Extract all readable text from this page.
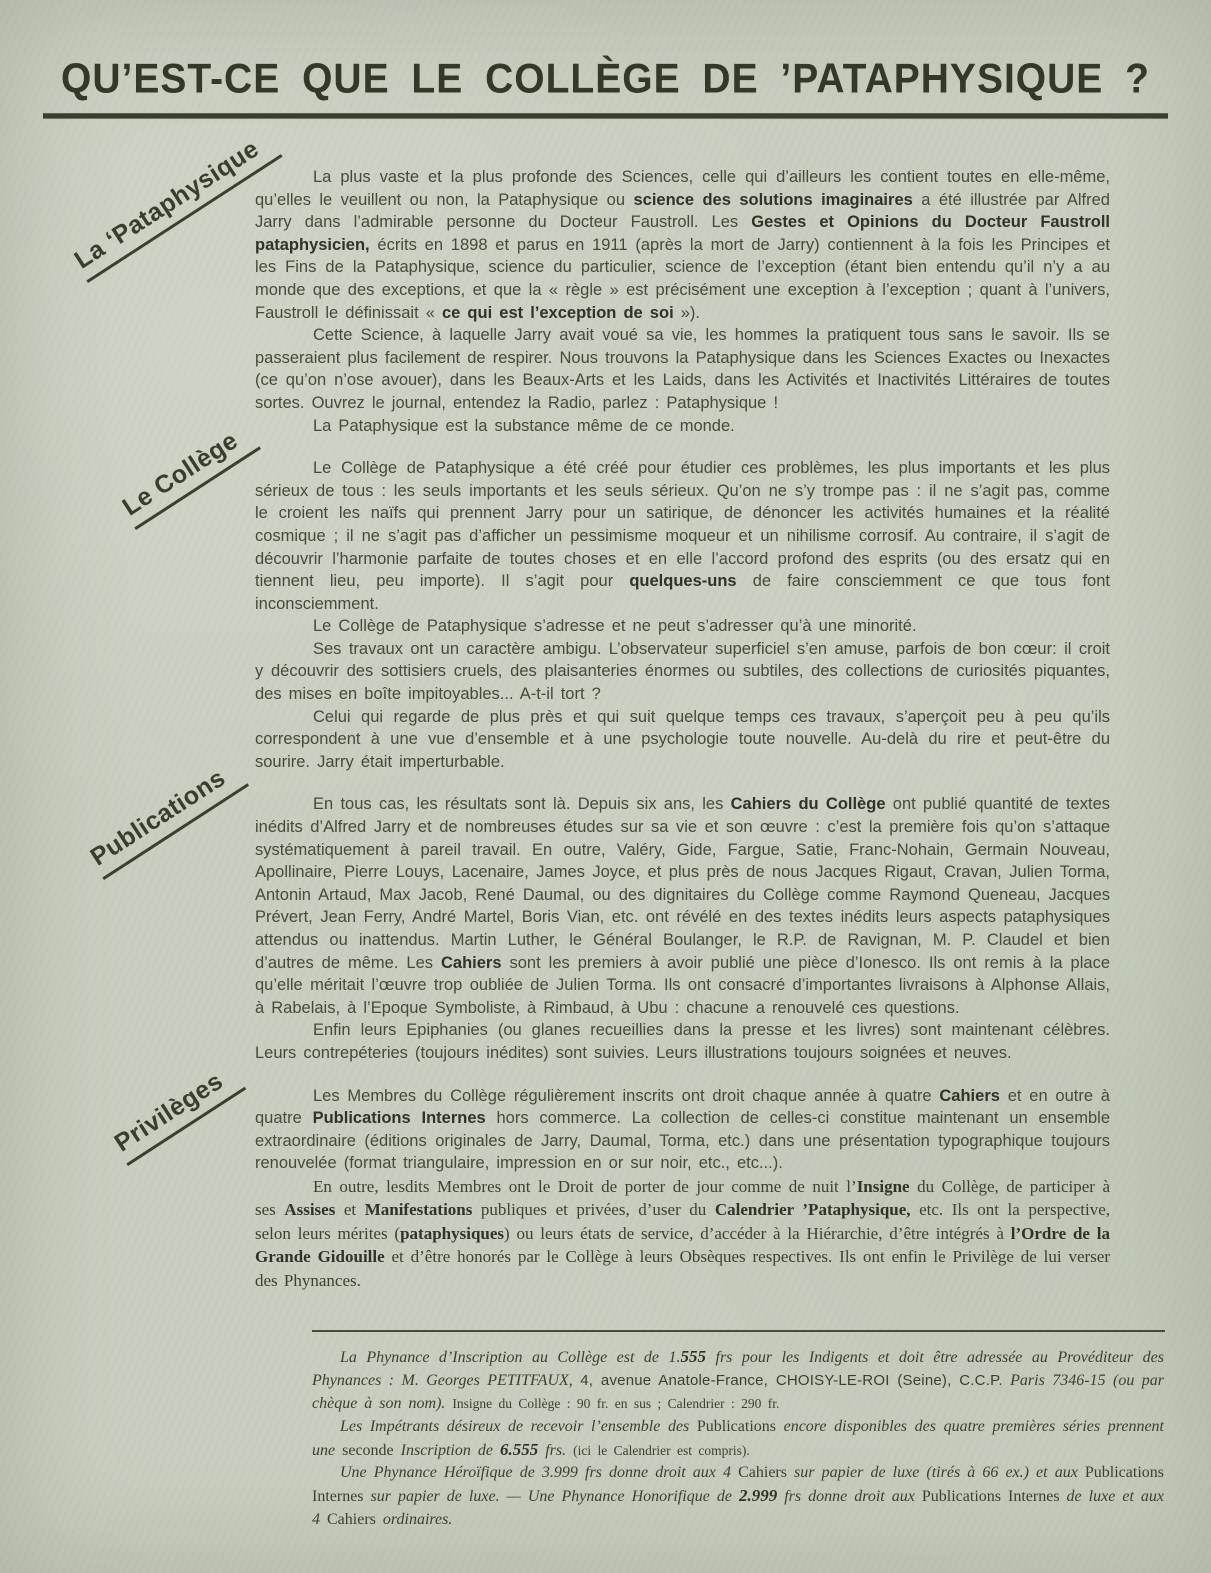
QU’EST-CE QUE LE COLLÈGE DE ’PATAPHYSIQUE ?
La ‘Pataphysique	La plus vaste et la plus profonde des Sciences, celle qui d’ailleurs les contient toutes en elle-même, qu’elles le veuillent ou non, la Pataphysique ou science des solutions imaginaires a été illustrée par Alfred Jarry dans l’admirable personne du Docteur Faustroll. Les Gestes et Opinions du Docteur Faustroll pataphysicien, écrits en 1898 et parus en 1911 (après la mort de Jarry) contiennent à la fois les Principes et les Fins de la Pataphysique, science du particulier, science de l’exception (étant bien entendu qu’il n’y a au monde que des exceptions, et que la « règle » est précisément une exception à l’exception ; quant à l’univers, Faustroll le définissait « ce qui est l’exception de soi »).

Cette Science, à laquelle Jarry avait voué sa vie, les hommes la pratiquent tous sans le savoir. Ils se passeraient plus facilement de respirer. Nous trouvons la Pataphysique dans les Sciences Exactes ou Inexactes (ce qu’on n’ose avouer), dans les Beaux-Arts et les Laids, dans les Activités et Inactivités Littéraires de toutes sortes. Ouvrez le journal, entendez la Radio, parlez : Pataphysique !

La Pataphysique est la substance même de ce monde.

Le Collège	Le Collège de Pataphysique a été créé pour étudier ces problèmes, les plus importants et les plus sérieux de tous : les seuls importants et les seuls sérieux. Qu’on ne s’y trompe pas : il ne s’agit pas, comme le croient les naïfs qui prennent Jarry pour un satirique, de dénoncer les activités humaines et la réalité cosmique ; il ne s’agit pas d’afficher un pessimisme moqueur et un nihilisme corrosif. Au contraire, il s’agit de découvrir l’harmonie parfaite de toutes choses et en elle l’accord profond des esprits (ou des ersatz qui en tiennent lieu, peu importe). Il s’agit pour quelques-uns de faire consciemment ce que tous font inconsciemment.

Le Collège de Pataphysique s’adresse et ne peut s’adresser qu’à une minorité.

Ses travaux ont un caractère ambigu. L’observateur superficiel s’en amuse, parfois de bon cœur: il croit y découvrir des sottisiers cruels, des plaisanteries énormes ou subtiles, des collections de curiosités piquantes, des mises en boîte impitoyables... A-t-il tort ?

Celui qui regarde de plus près et qui suit quelque temps ces travaux, s’aperçoit peu à peu qu’ils correspondent à une vue d’ensemble et à une psychologie toute nouvelle. Au-delà du rire et peut-être du sourire. Jarry était imperturbable.

Publications	En tous cas, les résultats sont là. Depuis six ans, les Cahiers du Collège ont publié quantité de textes inédits d’Alfred Jarry et de nombreuses études sur sa vie et son œuvre : c’est la première fois qu’on s’attaque systématiquement à pareil travail. En outre, Valéry, Gide, Fargue, Satie, Franc-Nohain, Germain Nouveau, Apollinaire, Pierre Louys, Lacenaire, James Joyce, et plus près de nous Jacques Rigaut, Cravan, Julien Torma, Antonin Artaud, Max Jacob, René Daumal, ou des dignitaires du Collège comme Raymond Queneau, Jacques Prévert, Jean Ferry, André Martel, Boris Vian, etc. ont révélé en des textes inédits leurs aspects pataphysiques attendus ou inattendus. Martin Luther, le Général Boulanger, le R.P. de Ravignan, M. P. Claudel et bien d’autres de même. Les Cahiers sont les premiers à avoir publié une pièce d’Ionesco. Ils ont remis à la place qu’elle méritait l’œuvre trop oubliée de Julien Torma. Ils ont consacré d’importantes livraisons à Alphonse Allais, à Rabelais, à l’Epoque Symboliste, à Rimbaud, à Ubu : chacune a renouvelé ces questions.

Enfin leurs Epiphanies (ou glanes recueillies dans la presse et les livres) sont maintenant célèbres. Leurs contrepéteries (toujours inédites) sont suivies. Leurs illustrations toujours soignées et neuves.

Privilèges	Les Membres du Collège régulièrement inscrits ont droit chaque année à quatre Cahiers et en outre à quatre Publications Internes hors commerce. La collection de celles-ci constitue maintenant un ensemble extraordinaire (éditions originales de Jarry, Daumal, Torma, etc.) dans une présentation typographique toujours renouvelée (format triangulaire, impression en or sur noir, etc., etc...).

En outre, lesdits Membres ont le Droit de porter de jour comme de nuit l’Insigne du Collège, de participer à ses Assises et Manifestations publiques et privées, d’user du Calendrier ’Pataphysique, etc. Ils ont la perspective, selon leurs mérites (pataphysiques) ou leurs états de service, d’accéder à la Hiérarchie, d’être intégrés à l’Ordre de la Grande Gidouille et d’être honorés par le Collège à leurs Obsèques respectives. Ils ont enfin le Privilège de lui verser des Phynances.

La Phynance d’Inscription au Collège est de 1.555 frs pour les Indigents et doit être adressée au Provéditeur des Phynances : M. Georges PETITFAUX, 4, avenue Anatole-France, CHOISY-LE-ROI (Seine), C.C.P. Paris 7346-15 (ou par chèque à son nom). Insigne du Collège : 90 fr. en sus ; Calendrier : 290 fr.

Les Impétrants désireux de recevoir l’ensemble des Publications encore disponibles des quatre premières séries prennent une seconde Inscription de 6.555 frs. (ici le Calendrier est compris).

Une Phynance Héroïfique de 3.999 frs donne droit aux 4 Cahiers sur papier de luxe (tirés à 66 ex.) et aux Publications Internes sur papier de luxe. — Une Phynance Honorifique de 2.999 frs donne droit aux Publications Internes de luxe et aux 4 Cahiers ordinaires.
